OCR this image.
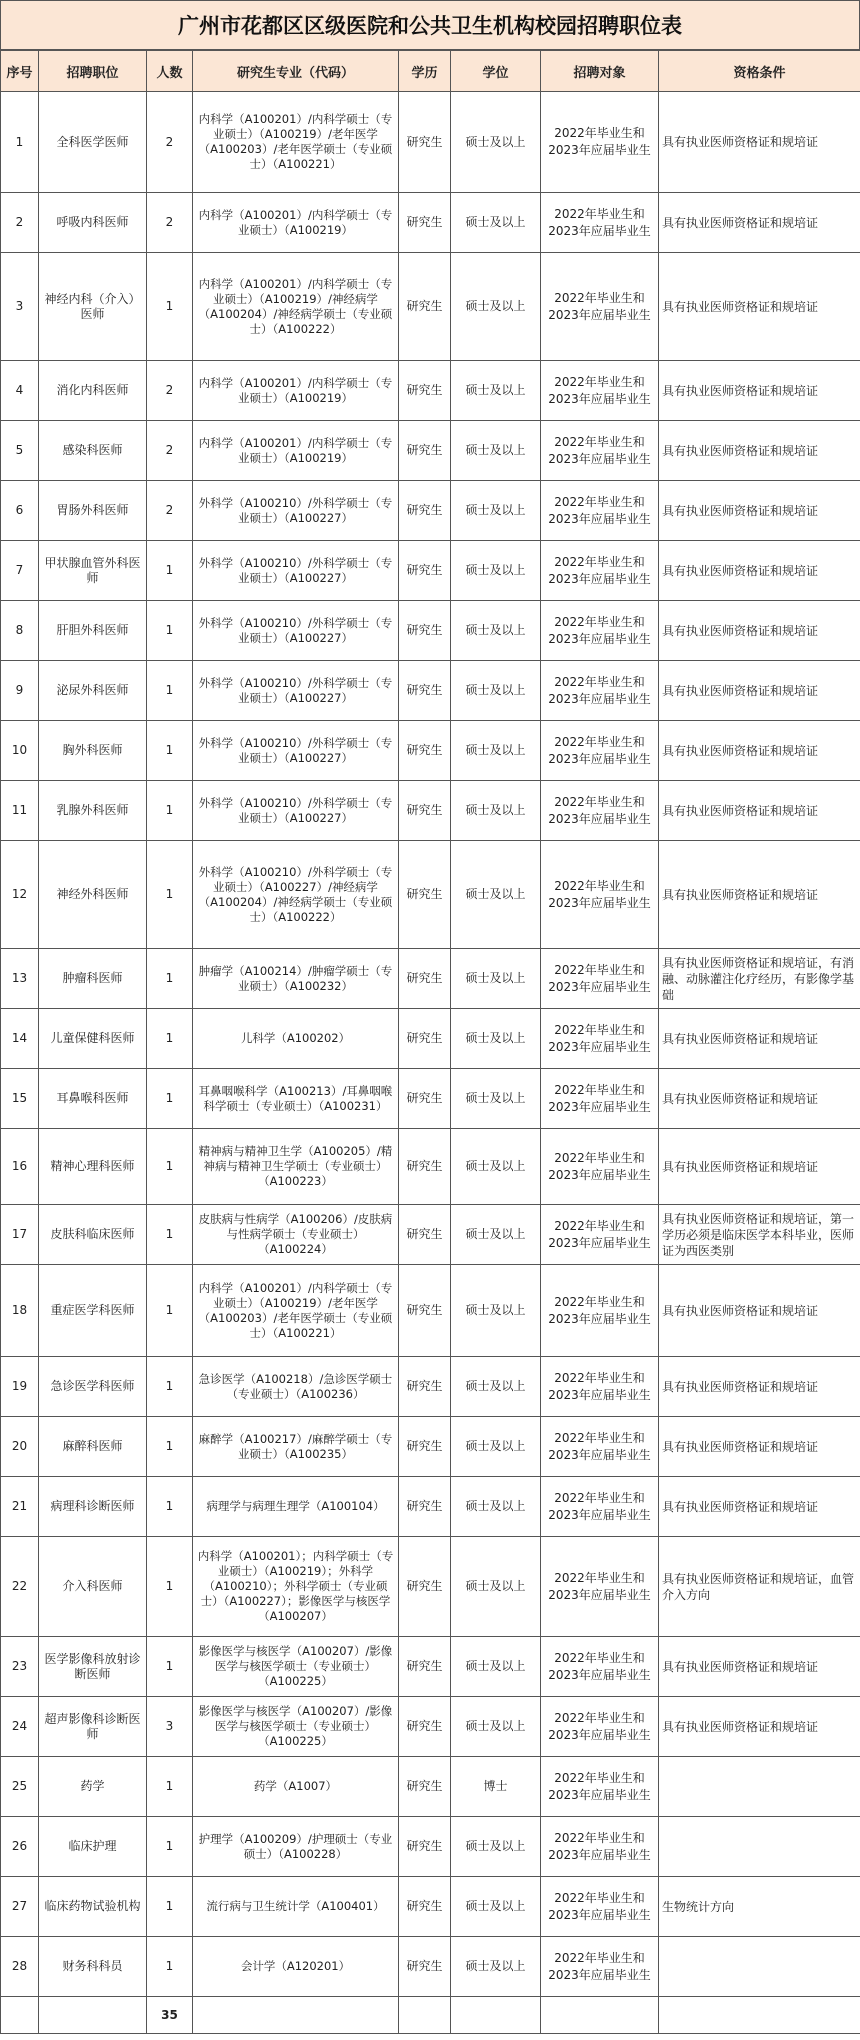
广州市花都区区级医院和公共卫生机构校园招聘职位表
序号	招聘职位	人数	研究生专业（代码）	学历	学位	招聘对象	资格条件
1	全科医学医师	2	内科学（A100201）/内科学硕士（专业硕士）（A100219）/老年医学（A100203）/老年医学硕士（专业硕士）（A100221）	研究生	硕士及以上	2022年毕业生和2023年应届毕业生	具有执业医师资格证和规培证
2	呼吸内科医师	2	内科学（A100201）/内科学硕士（专业硕士）（A100219）	研究生	硕士及以上	2022年毕业生和2023年应届毕业生	具有执业医师资格证和规培证
3	神经内科（介入）医师	1	内科学（A100201）/内科学硕士（专业硕士）（A100219）/神经病学（A100204）/神经病学硕士（专业硕士）（A100222）	研究生	硕士及以上	2022年毕业生和2023年应届毕业生	具有执业医师资格证和规培证
4	消化内科医师	2	内科学（A100201）/内科学硕士（专业硕士）（A100219）	研究生	硕士及以上	2022年毕业生和2023年应届毕业生	具有执业医师资格证和规培证
5	感染科医师	2	内科学（A100201）/内科学硕士（专业硕士）（A100219）	研究生	硕士及以上	2022年毕业生和2023年应届毕业生	具有执业医师资格证和规培证
6	胃肠外科医师	2	外科学（A100210）/外科学硕士（专业硕士）（A100227）	研究生	硕士及以上	2022年毕业生和2023年应届毕业生	具有执业医师资格证和规培证
7	甲状腺血管外科医师	1	外科学（A100210）/外科学硕士（专业硕士）（A100227）	研究生	硕士及以上	2022年毕业生和2023年应届毕业生	具有执业医师资格证和规培证
8	肝胆外科医师	1	外科学（A100210）/外科学硕士（专业硕士）（A100227）	研究生	硕士及以上	2022年毕业生和2023年应届毕业生	具有执业医师资格证和规培证
9	泌尿外科医师	1	外科学（A100210）/外科学硕士（专业硕士）（A100227）	研究生	硕士及以上	2022年毕业生和2023年应届毕业生	具有执业医师资格证和规培证
10	胸外科医师	1	外科学（A100210）/外科学硕士（专业硕士）（A100227）	研究生	硕士及以上	2022年毕业生和2023年应届毕业生	具有执业医师资格证和规培证
11	乳腺外科医师	1	外科学（A100210）/外科学硕士（专业硕士）（A100227）	研究生	硕士及以上	2022年毕业生和2023年应届毕业生	具有执业医师资格证和规培证
12	神经外科医师	1	外科学（A100210）/外科学硕士（专业硕士）（A100227）/神经病学（A100204）/神经病学硕士（专业硕士）（A100222）	研究生	硕士及以上	2022年毕业生和2023年应届毕业生	具有执业医师资格证和规培证
13	肿瘤科医师	1	肿瘤学（A100214）/肿瘤学硕士（专业硕士）（A100232）	研究生	硕士及以上	2022年毕业生和2023年应届毕业生	具有执业医师资格证和规培证，有消融、动脉灌注化疗经历，有影像学基础
14	儿童保健科医师	1	儿科学（A100202）	研究生	硕士及以上	2022年毕业生和2023年应届毕业生	具有执业医师资格证和规培证
15	耳鼻喉科医师	1	耳鼻咽喉科学（A100213）/耳鼻咽喉科学硕士（专业硕士）（A100231）	研究生	硕士及以上	2022年毕业生和2023年应届毕业生	具有执业医师资格证和规培证
16	精神心理科医师	1	精神病与精神卫生学（A100205）/精神病与精神卫生学硕士（专业硕士）（A100223）	研究生	硕士及以上	2022年毕业生和2023年应届毕业生	具有执业医师资格证和规培证
17	皮肤科临床医师	1	皮肤病与性病学（A100206）/皮肤病与性病学硕士（专业硕士）（A100224）	研究生	硕士及以上	2022年毕业生和2023年应届毕业生	具有执业医师资格证和规培证，第一学历必须是临床医学本科毕业，医师证为西医类别
18	重症医学科医师	1	内科学（A100201）/内科学硕士（专业硕士）（A100219）/老年医学（A100203）/老年医学硕士（专业硕士）（A100221）	研究生	硕士及以上	2022年毕业生和2023年应届毕业生	具有执业医师资格证和规培证
19	急诊医学科医师	1	急诊医学（A100218）/急诊医学硕士（专业硕士）（A100236）	研究生	硕士及以上	2022年毕业生和2023年应届毕业生	具有执业医师资格证和规培证
20	麻醉科医师	1	麻醉学（A100217）/麻醉学硕士（专业硕士）（A100235）	研究生	硕士及以上	2022年毕业生和2023年应届毕业生	具有执业医师资格证和规培证
21	病理科诊断医师	1	病理学与病理生理学（A100104）	研究生	硕士及以上	2022年毕业生和2023年应届毕业生	具有执业医师资格证和规培证
22	介入科医师	1	内科学（A100201）；内科学硕士（专业硕士）（A100219）；外科学（A100210）；外科学硕士（专业硕士）（A100227）；影像医学与核医学（A100207）	研究生	硕士及以上	2022年毕业生和2023年应届毕业生	具有执业医师资格证和规培证，血管介入方向
23	医学影像科放射诊断医师	1	影像医学与核医学（A100207）/影像医学与核医学硕士（专业硕士）（A100225）	研究生	硕士及以上	2022年毕业生和2023年应届毕业生	具有执业医师资格证和规培证
24	超声影像科诊断医师	3	影像医学与核医学（A100207）/影像医学与核医学硕士（专业硕士）（A100225）	研究生	硕士及以上	2022年毕业生和2023年应届毕业生	具有执业医师资格证和规培证
25	药学	1	药学（A1007）	研究生	博士	2022年毕业生和2023年应届毕业生	
26	临床护理	1	护理学（A100209）/护理硕士（专业硕士）（A100228）	研究生	硕士及以上	2022年毕业生和2023年应届毕业生	
27	临床药物试验机构	1	流行病与卫生统计学（A100401）	研究生	硕士及以上	2022年毕业生和2023年应届毕业生	生物统计方向
28	财务科科员	1	会计学（A120201）	研究生	硕士及以上	2022年毕业生和2023年应届毕业生	
		35					
